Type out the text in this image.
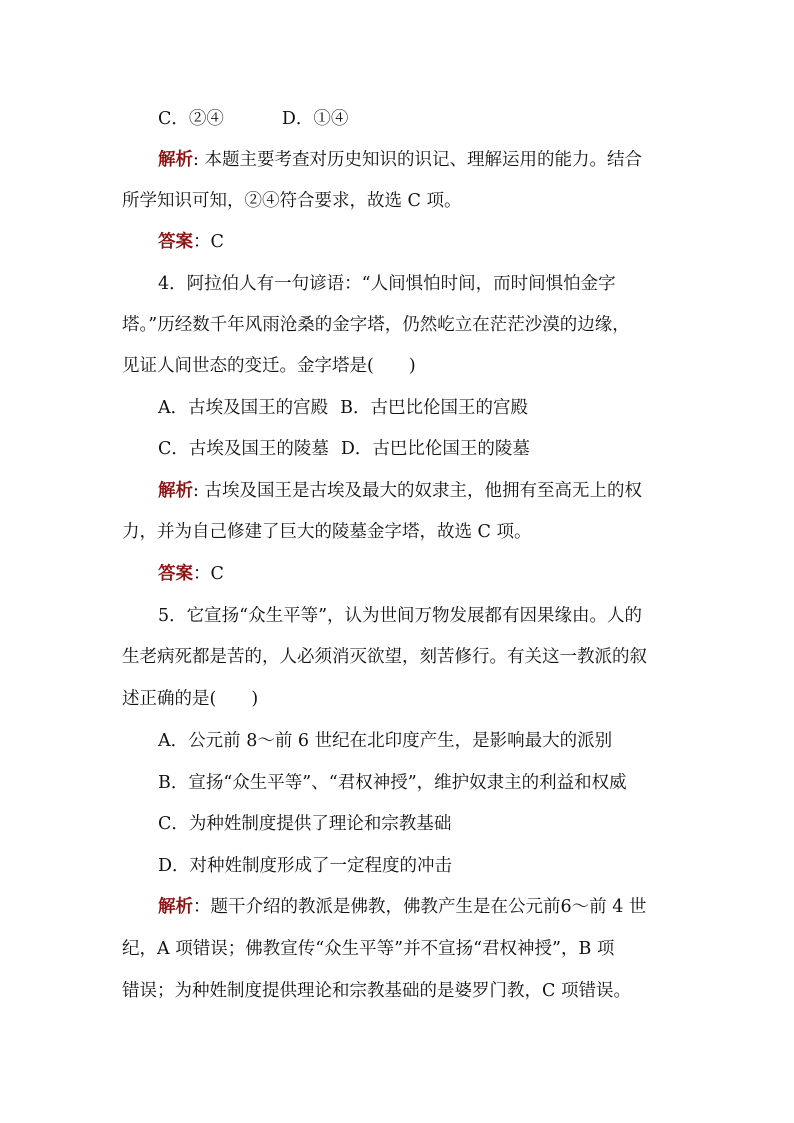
C．②④	D．①④
解析: 本题主要考查对历史知识的识记、理解运用的能力。结合
所学知识可知，②④符合要求，故选 C 项。
答案：C
4．阿拉伯人有一句谚语：“人间惧怕时间，而时间惧怕金字
塔。”历经数千年风雨沧桑的金字塔，仍然屹立在茫茫沙漠的边缘，
见证人间世态的变迁。金字塔是(　　)
A．古埃及国王的宫殿 B．古巴比伦国王的宫殿
C．古埃及国王的陵墓 D．古巴比伦国王的陵墓
解析: 古埃及国王是古埃及最大的奴隶主，他拥有至高无上的权
力，并为自己修建了巨大的陵墓金字塔，故选 C 项。
答案：C
5．它宣扬“众生平等”，认为世间万物发展都有因果缘由。人的
生老病死都是苦的，人必须消灭欲望，刻苦修行。有关这一教派的叙
述正确的是(　　)
A．公元前 8～前 6 世纪在北印度产生，是影响最大的派别
B．宣扬“众生平等”、“君权神授”，维护奴隶主的利益和权威
C．为种姓制度提供了理论和宗教基础
D．对种姓制度形成了一定程度的冲击
解析：题干介绍的教派是佛教，佛教产生是在公元前6～前 4 世
纪，A 项错误；佛教宣传“众生平等”并不宣扬“君权神授”，B 项
错误；为种姓制度提供理论和宗教基础的是婆罗门教，C 项错误。
